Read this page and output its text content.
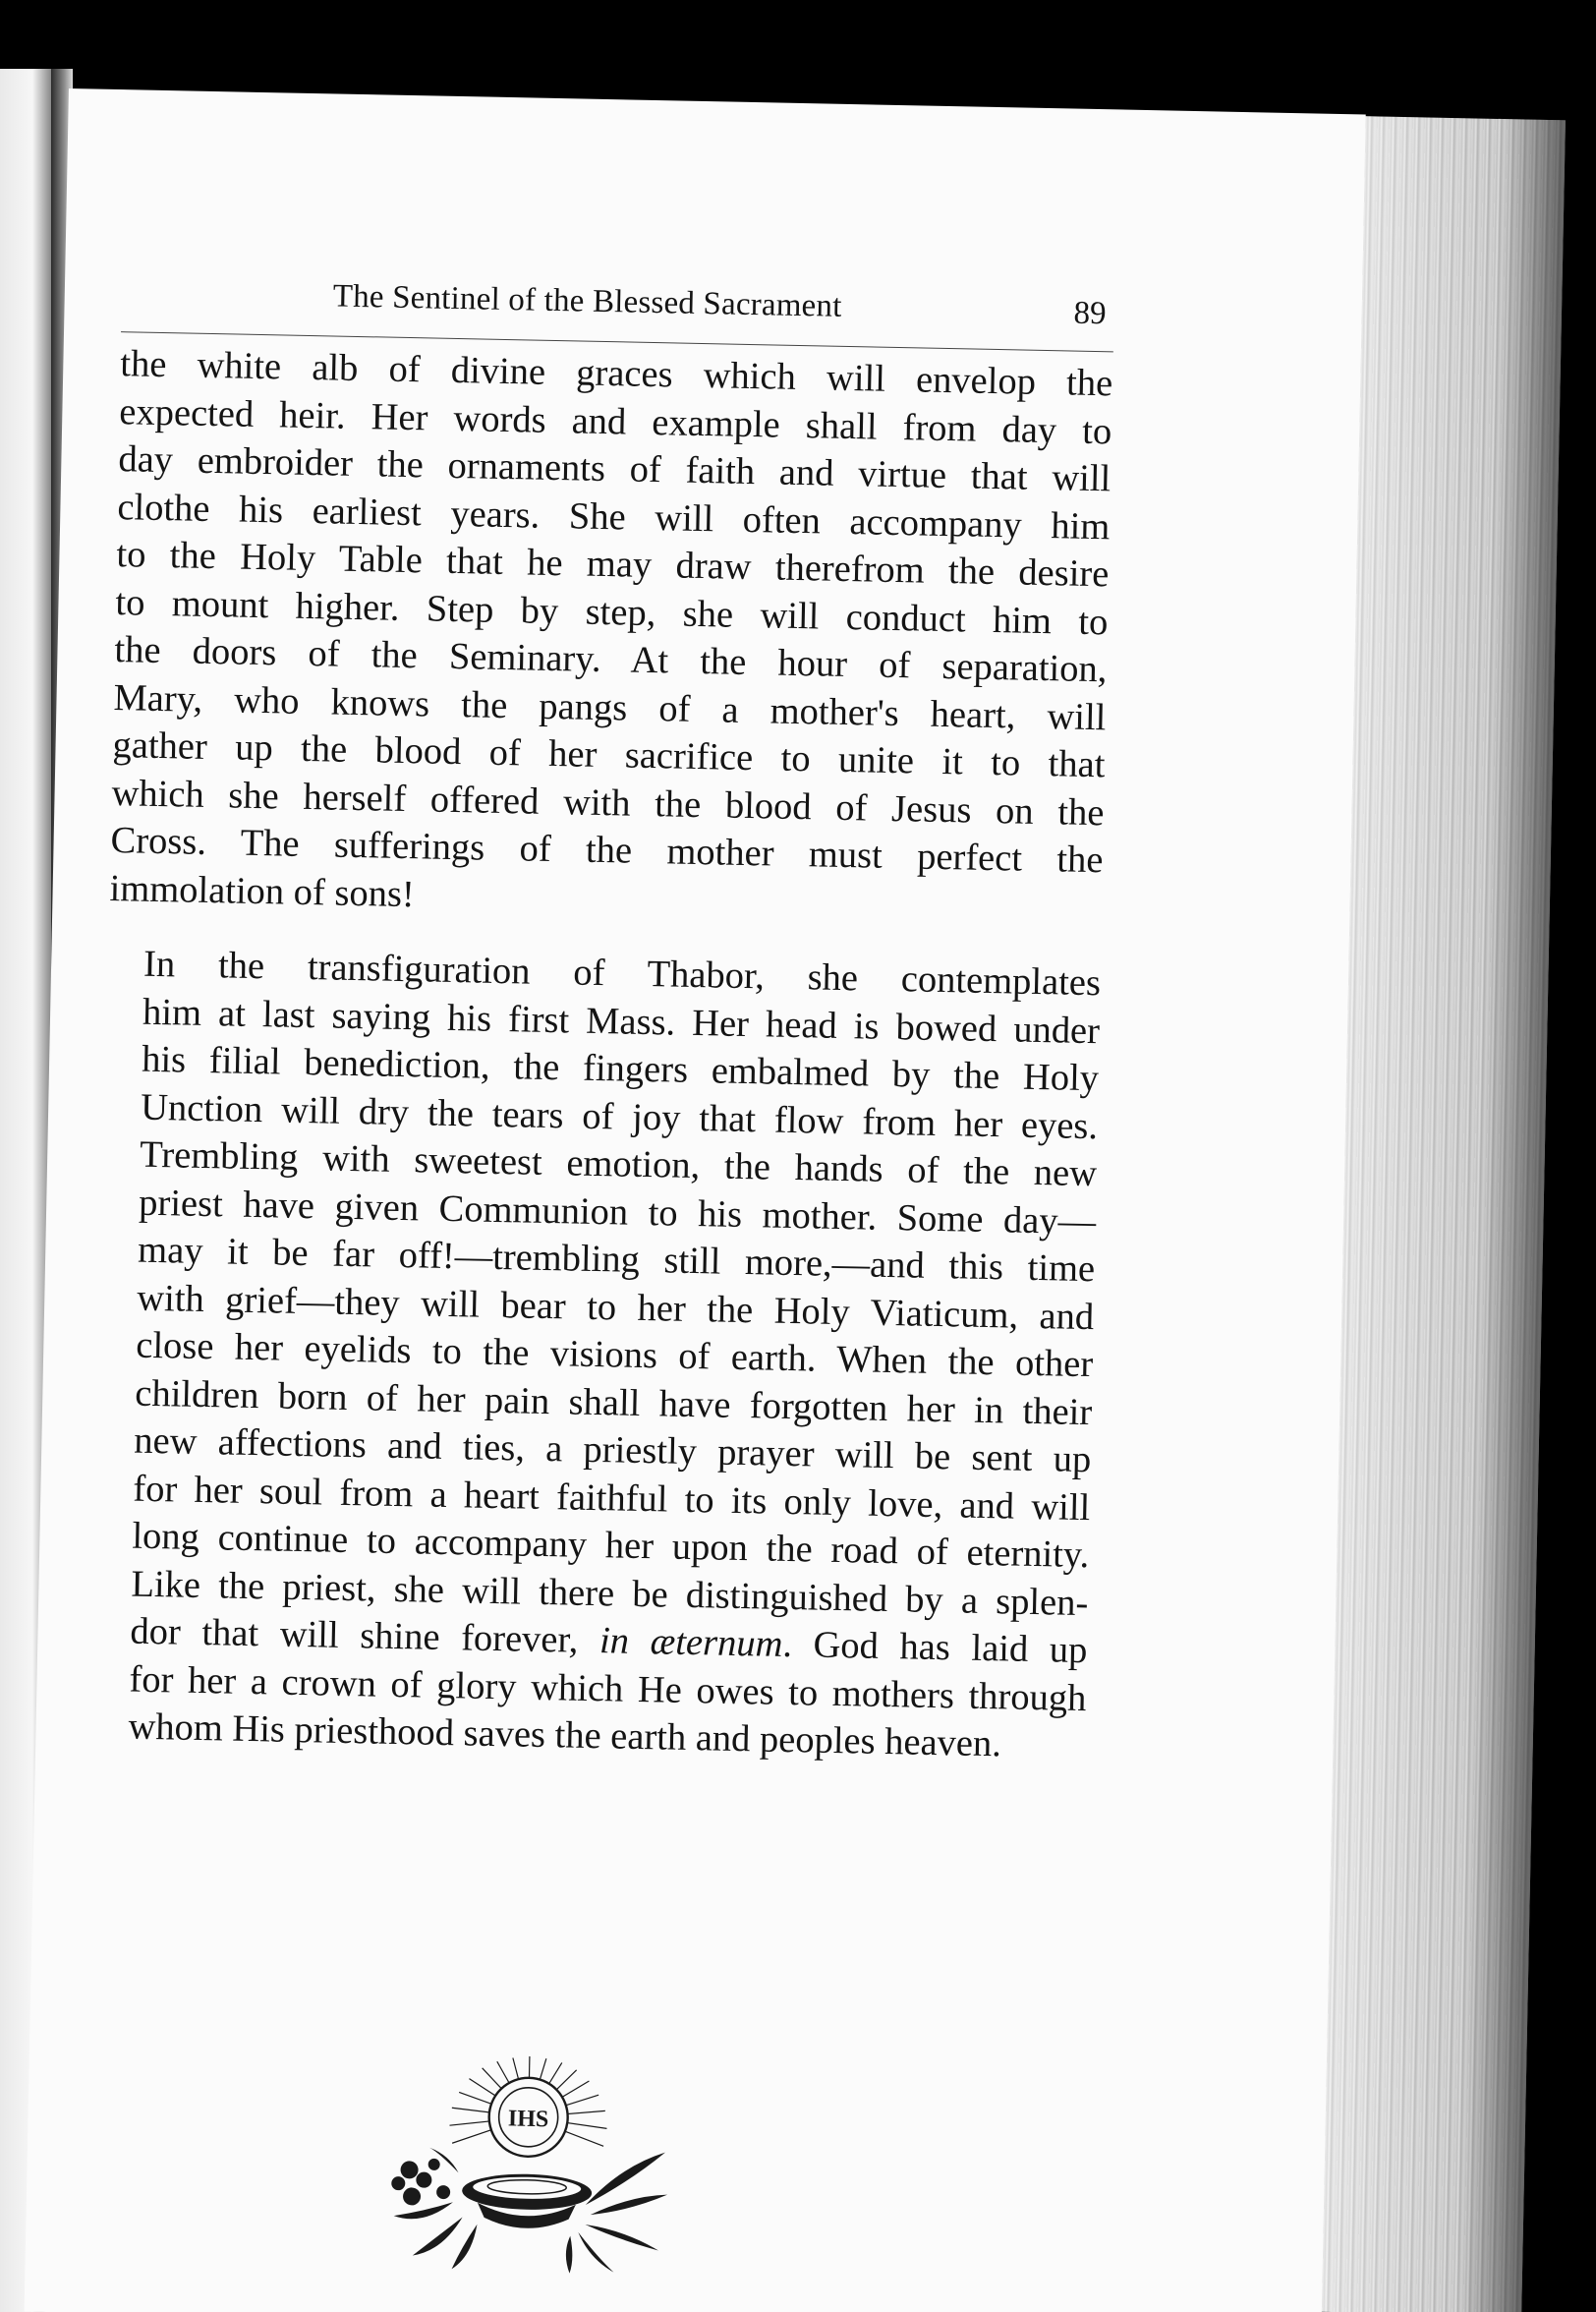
The Sentinel of the Blessed Sacrament	89

the white alb of divine graces which will envelop the
expected heir. Her words and example shall from day to
day embroider the ornaments of faith and virtue that will
clothe his earliest years. She will often accompany him
to the Holy Table that he may draw therefrom the desire
to mount higher. Step by step, she will conduct him to
the doors of the Seminary. At the hour of separation,
Mary, who knows the pangs of a mother's heart, will
gather up the blood of her sacrifice to unite it to that
which she herself offered with the blood of Jesus on the
Cross. The sufferings of the mother must perfect the
immolation of sons!

In the transfiguration of Thabor, she contemplates
him at last saying his first Mass. Her head is bowed under
his filial benediction, the fingers embalmed by the Holy
Unction will dry the tears of joy that flow from her eyes.
Trembling with sweetest emotion, the hands of the new
priest have given Communion to his mother. Some day—
may it be far off!—trembling still more,—and this time
with grief—they will bear to her the Holy Viaticum, and
close her eyelids to the visions of earth. When the other
children born of her pain shall have forgotten her in their
new affections and ties, a priestly prayer will be sent up
for her soul from a heart faithful to its only love, and will
long continue to accompany her upon the road of eternity.
Like the priest, she will there be distinguished by a splen-
dor that will shine forever, in æternum. God has laid up
for her a crown of glory which He owes to mothers through
whom His priesthood saves the earth and peoples heaven.

IHS
